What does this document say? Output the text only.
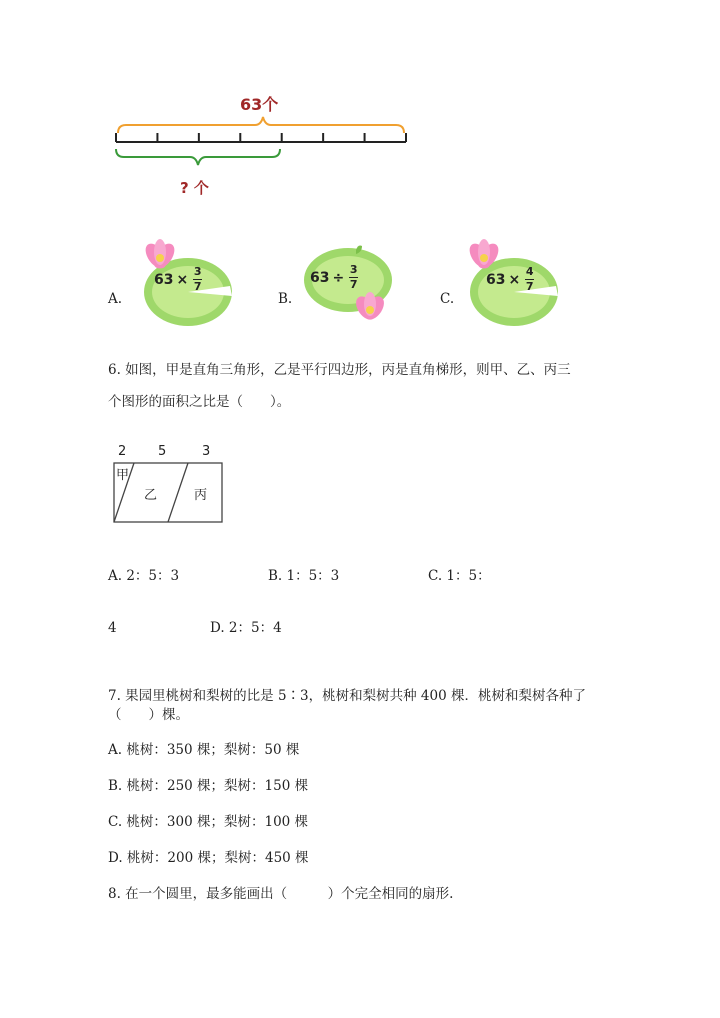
63个
? 个
A.
$63 \times \frac{3}{7}$
B.
$63 \div \frac{3}{7}$
C.
$63 \times \frac{4}{7}$
6. 如图，甲是直角三角形，乙是平行四边形，丙是直角梯形，则甲、乙、丙三
个图形的面积之比是（　　）。
2 5	3
甲
乙	丙
A. 2：5：3	B. 1：5：3	C. 1：5：
4	D. 2：5：4
7. 果园里桃树和梨树的比是 5∶3，桃树和梨树共种 400 棵．桃树和梨树各种了
（　　）棵。
A. 桃树：350 棵；梨树：50 棵
B. 桃树：250 棵；梨树：150 棵
C. 桃树：300 棵；梨树：100 棵
D. 桃树：200 棵；梨树：450 棵
8. 在一个圆里，最多能画出（　　　）个完全相同的扇形.
